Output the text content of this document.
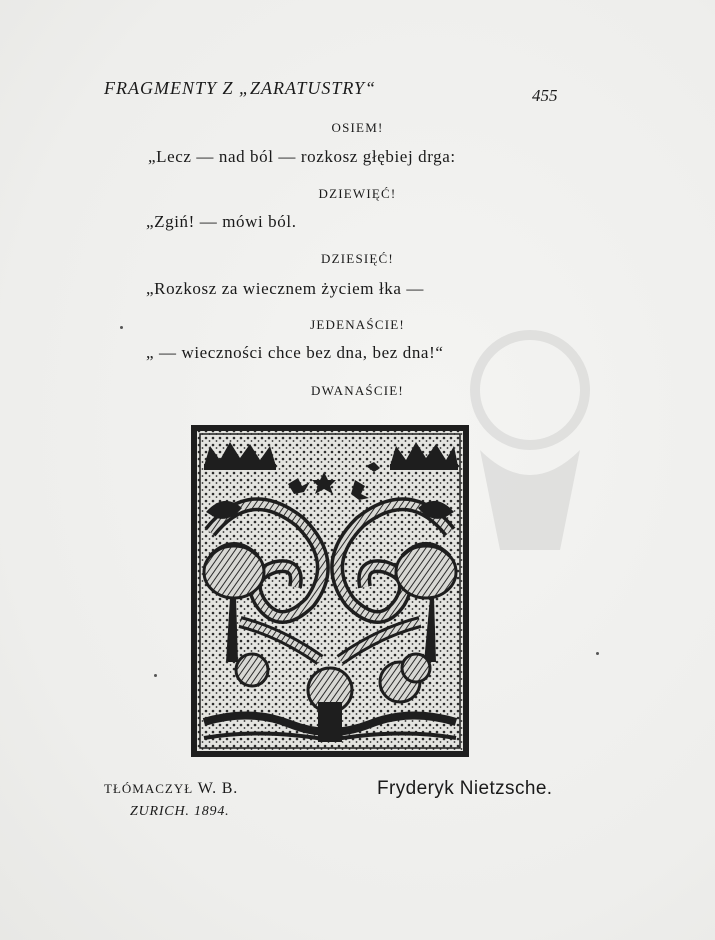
FRAGMENTY Z „ZARATUSTRY“	455
OSIEM!
„Lecz — nad ból — rozkosz głębiej drga:
DZIEWIĘĆ!
„Zgiń! — mówi ból.
DZIESIĘĆ!
„Rozkosz za wiecznem życiem łka —
JEDENAŚCIE!
„ — wieczności chce bez dna, bez dna!“
DWANAŚCIE!
TŁÓMACZYŁ W. B.	Fryderyk Nietzsche.
ZURICH. 1894.
